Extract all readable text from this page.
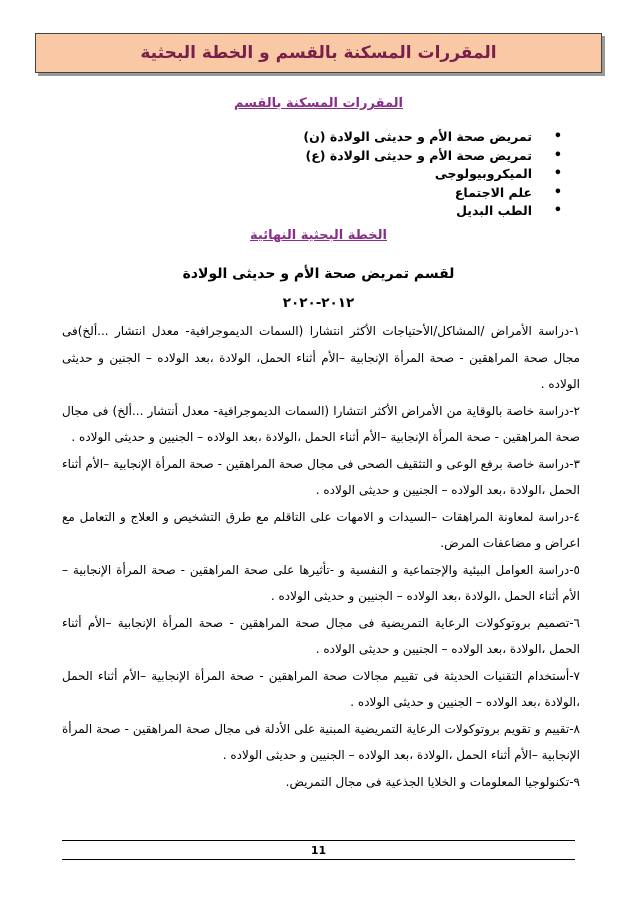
المقررات المسكنة بالقسم و الخطة البحثية
المقررات المسكنة بالقسم
•
تمريض صحة الأم و حديثى الولادة (ن)
•
تمريض صحة الأم و حديثى الولادة (ع)
•
الميكروبيولوجى
•
علم الاجتماع
•
الطب البديل
الخطة البحثية النهائية
لقسم تمريض صحة الأم و حديثى الولادة
٢٠١٢-٢٠٢٠

١-دراسة الأمراض /المشاكل/الأحتياجات الأكثر انتشارا (السمات الديموجرافية- معدل انتشار ...ألخ)فى مجال صحة المراهقين - صحة المرأة الإنجابية –الأم أثناء الحمل، الولادة ،بعد الولاده – الجنين و حديثى الولاده .

٢-دراسة خاصة بالوقاية من الأمراض الأكثر انتشارا (السمات الديموجرافية- معدل أنتشار ...ألخ) فى مجال صحة المراهقين - صحة المرأة الإنجابية –الأم أثناء الحمل ،الولادة ،بعد الولاده – الجنيين و حديثى الولاده .

٣-دراسة خاصة برفع الوعى و التثقيف الصحى فى مجال صحة المراهقين - صحة المرأة الإنجابية –الأم أثناء الحمل ،الولادة ،بعد الولاده – الجنيين و حديثى الولاده .

٤-دراسة لمعاونة المراهقات –السيدات و الامهات على التاقلم مع طرق التشخيص و العلاج و التعامل مع اعراض و مضاعفات المرض.

٥-دراسة العوامل البيئية والإجتماعية و النفسية و -تأثيرها على صحة المراهقين - صحة المرأة الإنجابية – الأم أثناء الحمل ،الولادة ،بعد الولاده – الجنيين و حديثى الولاده .

٦-تصميم بروتوكولات الرعاية التمريضية فى مجال صحة المراهقين - صحة المرأة الإنجابية –الأم أثناء الحمل ،الولادة ،بعد الولاده – الجنيين و حديثى الولاده .

٧-أستخدام التقنيات الحديثة فى تقييم مجالات صحة المراهقين - صحة المرأة الإنجابية –الأم أثناء الحمل ،الولادة ،بعد الولاده – الجنيين و حديثى الولاده .

٨-تقييم و تقويم بروتوكولات الرعاية التمريضية المبنية على الأدلة فى مجال صحة المراهقين - صحة المرأة الإنجابية –الأم أثناء الحمل ،الولادة ،بعد الولاده – الجنيين و حديثى الولاده .

٩-تكنولوجيا المعلومات و الخلايا الجذعية فى مجال التمريض.

11
